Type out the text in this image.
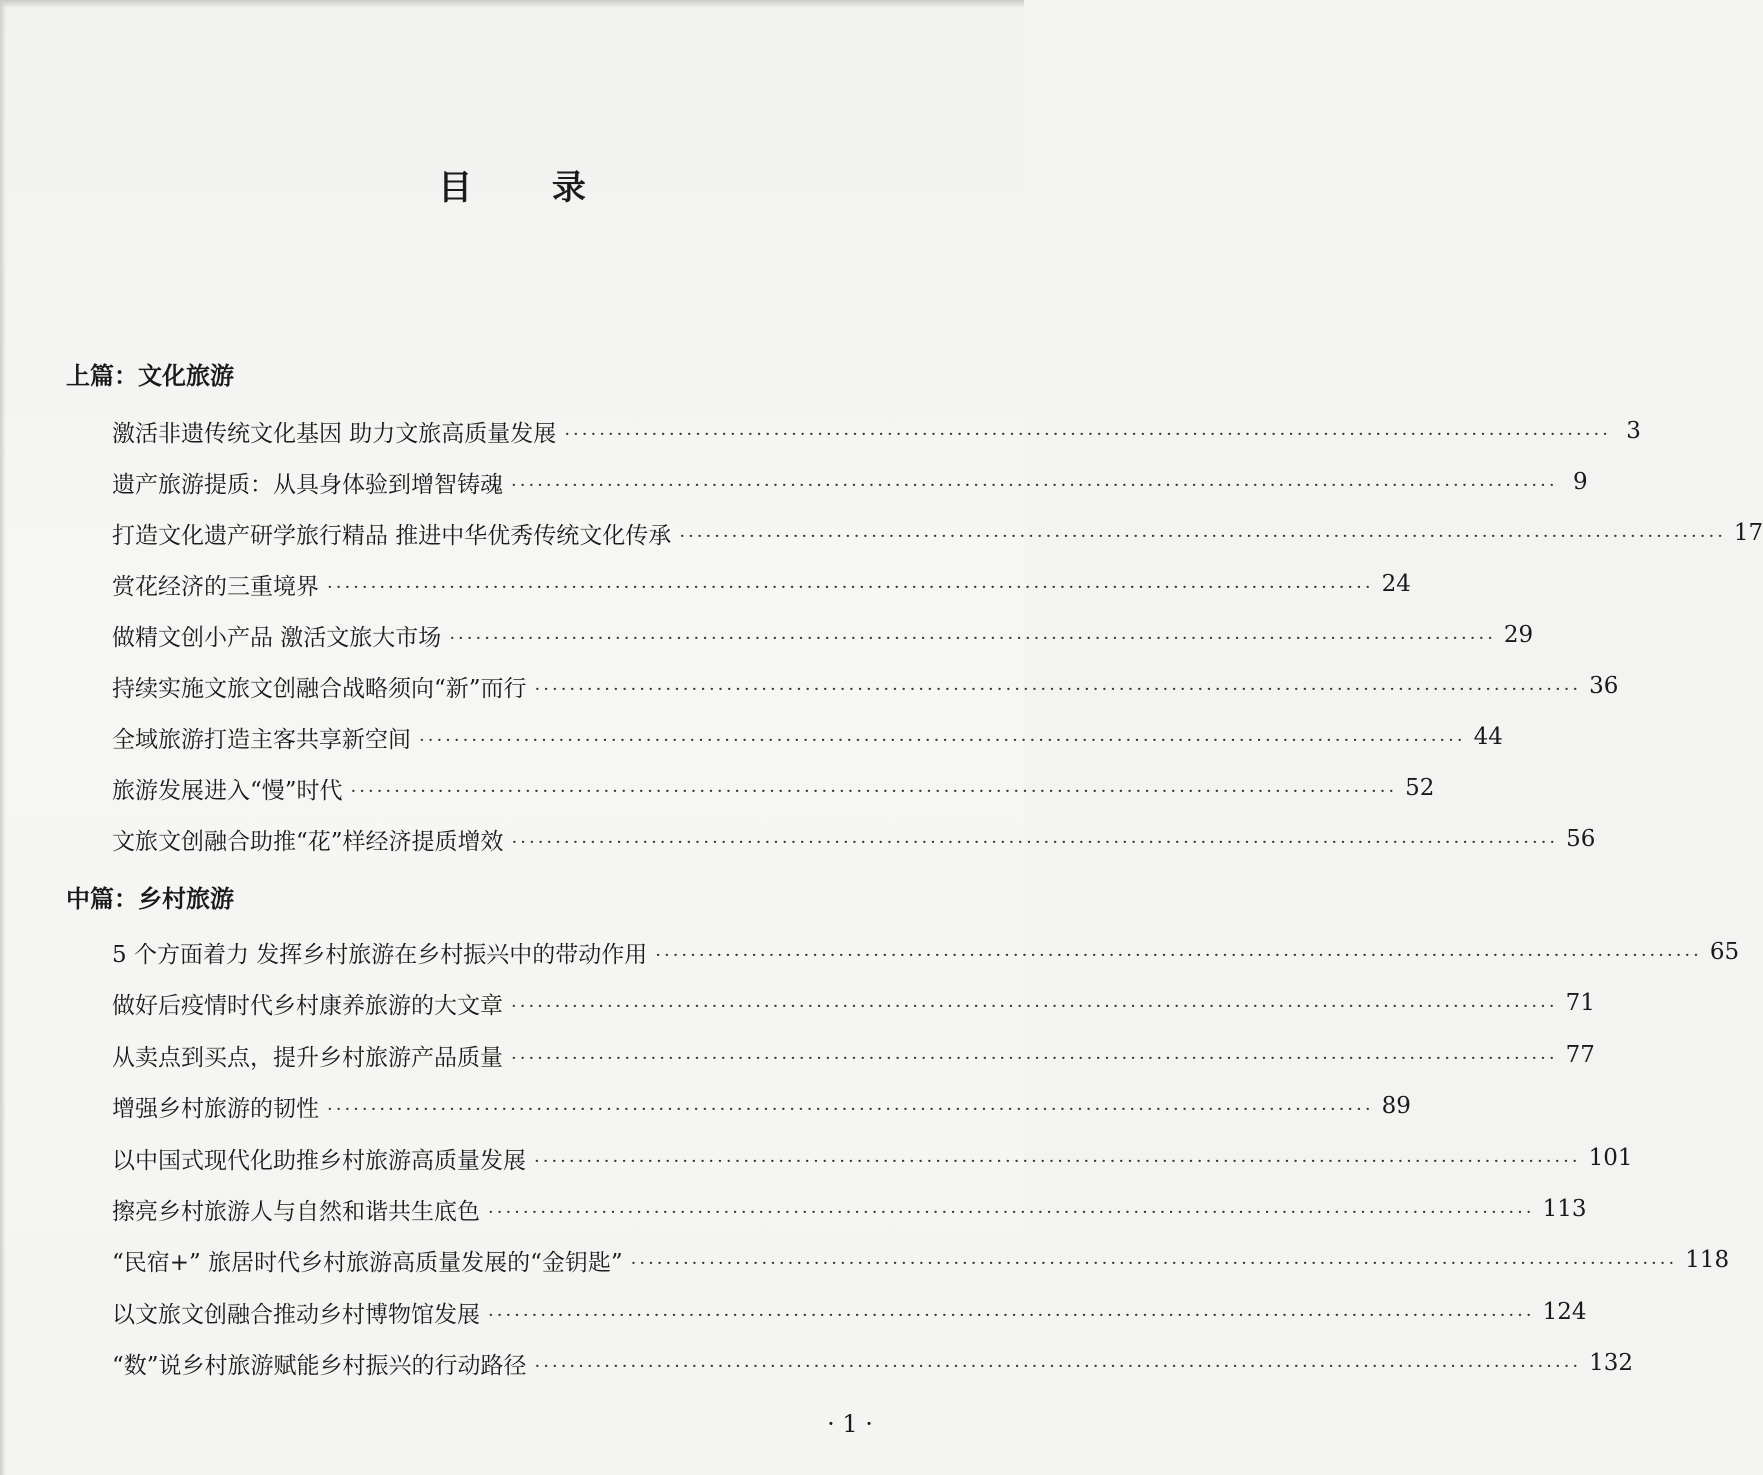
目 录
上篇：文化旅游
激活非遗传统文化基因 助力文旅高质量发展 ························································································································ 3
遗产旅游提质：从具身体验到增智铸魂 ························································································································ 9
打造文化遗产研学旅行精品 推进中华优秀传统文化传承 ························································································································ 17
赏花经济的三重境界 ························································································································ 24
做精文创小产品 激活文旅大市场 ························································································································ 29
持续实施文旅文创融合战略须向“新”而行 ························································································································ 36
全域旅游打造主客共享新空间 ························································································································ 44
旅游发展进入“慢”时代 ························································································································ 52
文旅文创融合助推“花”样经济提质增效 ························································································································ 56
中篇：乡村旅游
5 个方面着力 发挥乡村旅游在乡村振兴中的带动作用 ························································································································ 65
做好后疫情时代乡村康养旅游的大文章 ························································································································ 71
从卖点到买点，提升乡村旅游产品质量 ························································································································ 77
增强乡村旅游的韧性 ························································································································ 89
以中国式现代化助推乡村旅游高质量发展 ························································································································ 101
擦亮乡村旅游人与自然和谐共生底色 ························································································································ 113
“民宿+” 旅居时代乡村旅游高质量发展的“金钥匙” ························································································································ 118
以文旅文创融合推动乡村博物馆发展 ························································································································ 124
“数”说乡村旅游赋能乡村振兴的行动路径 ························································································································ 132
· 1 ·
